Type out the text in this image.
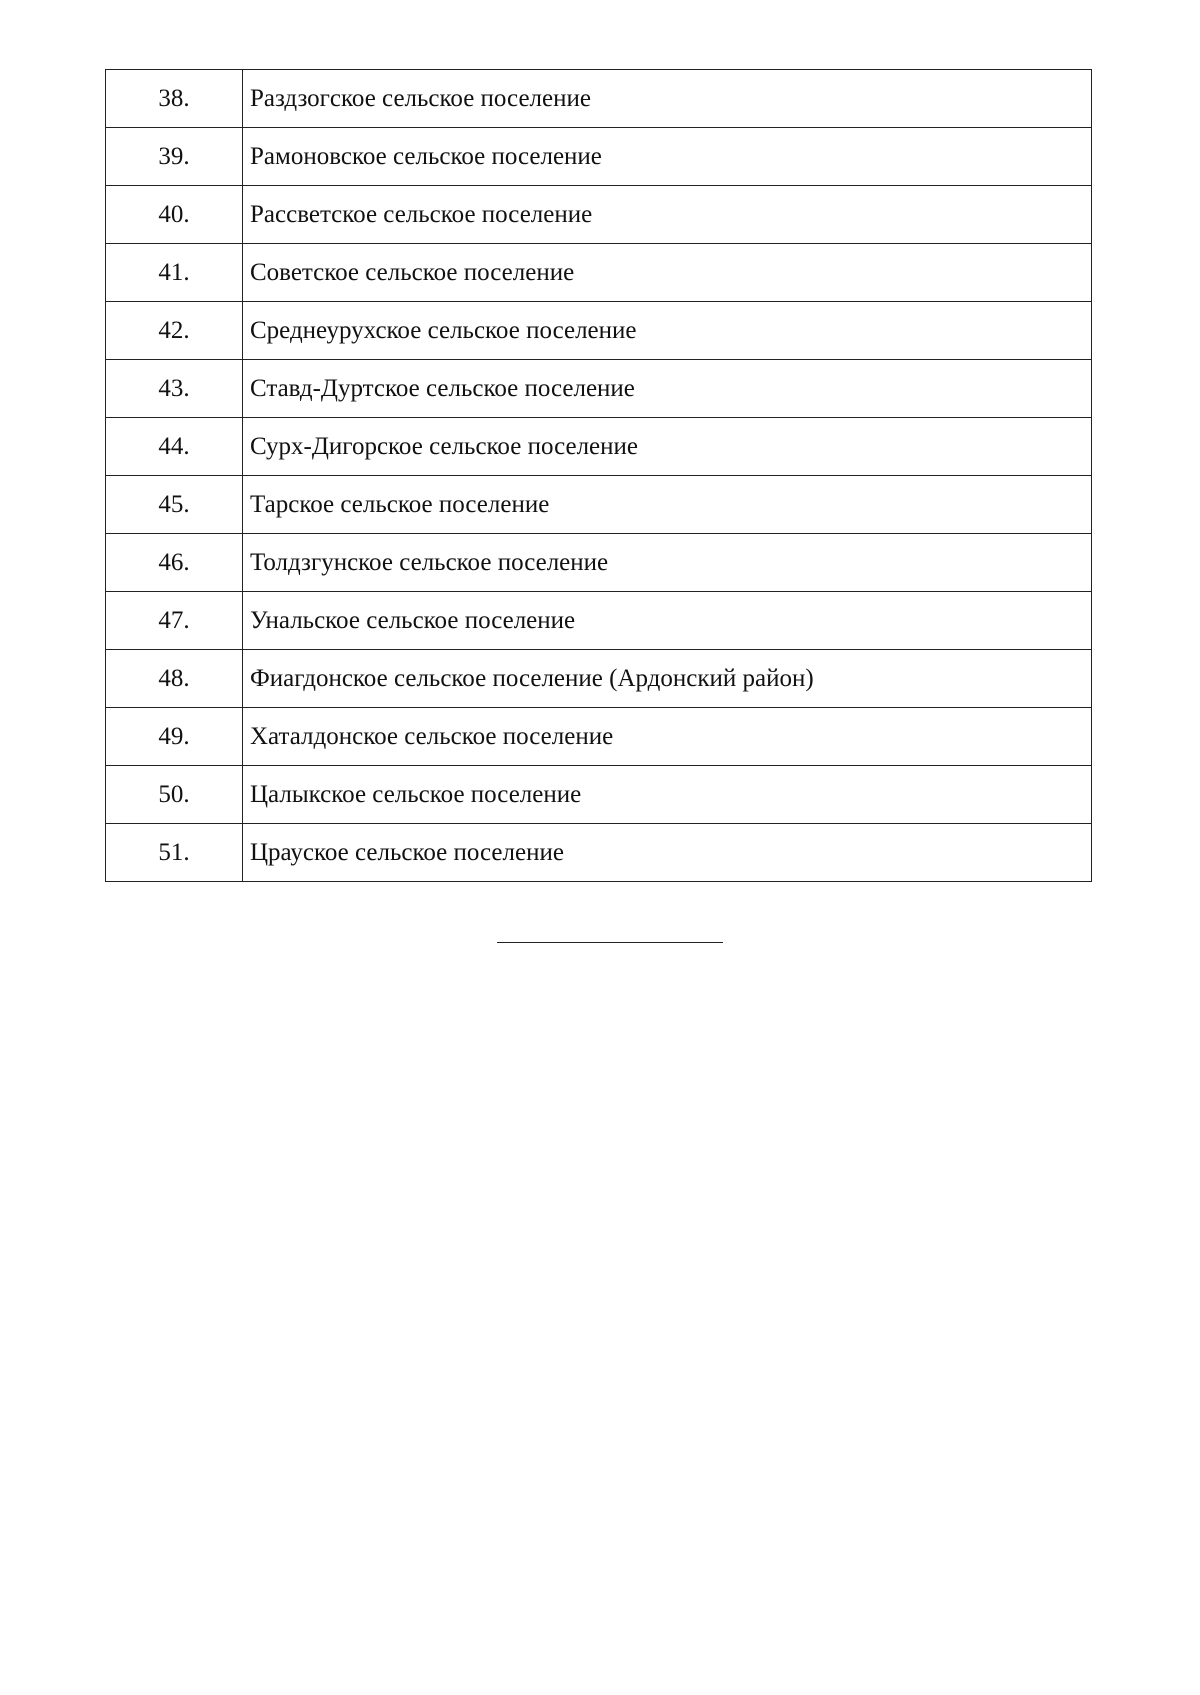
38.	Раздзогское сельское поселение
39.	Рамоновское сельское поселение
40.	Рассветское сельское поселение
41.	Советское сельское поселение
42.	Среднеурухское сельское поселение
43.	Ставд-Дуртское сельское поселение
44.	Сурх-Дигорское сельское поселение
45.	Тарское сельское поселение
46.	Толдзгунское сельское поселение
47.	Унальское сельское поселение
48.	Фиагдонское сельское поселение (Ардонский район)
49.	Хаталдонское сельское поселение
50.	Цалыкское сельское поселение
51.	Црауское сельское поселение
